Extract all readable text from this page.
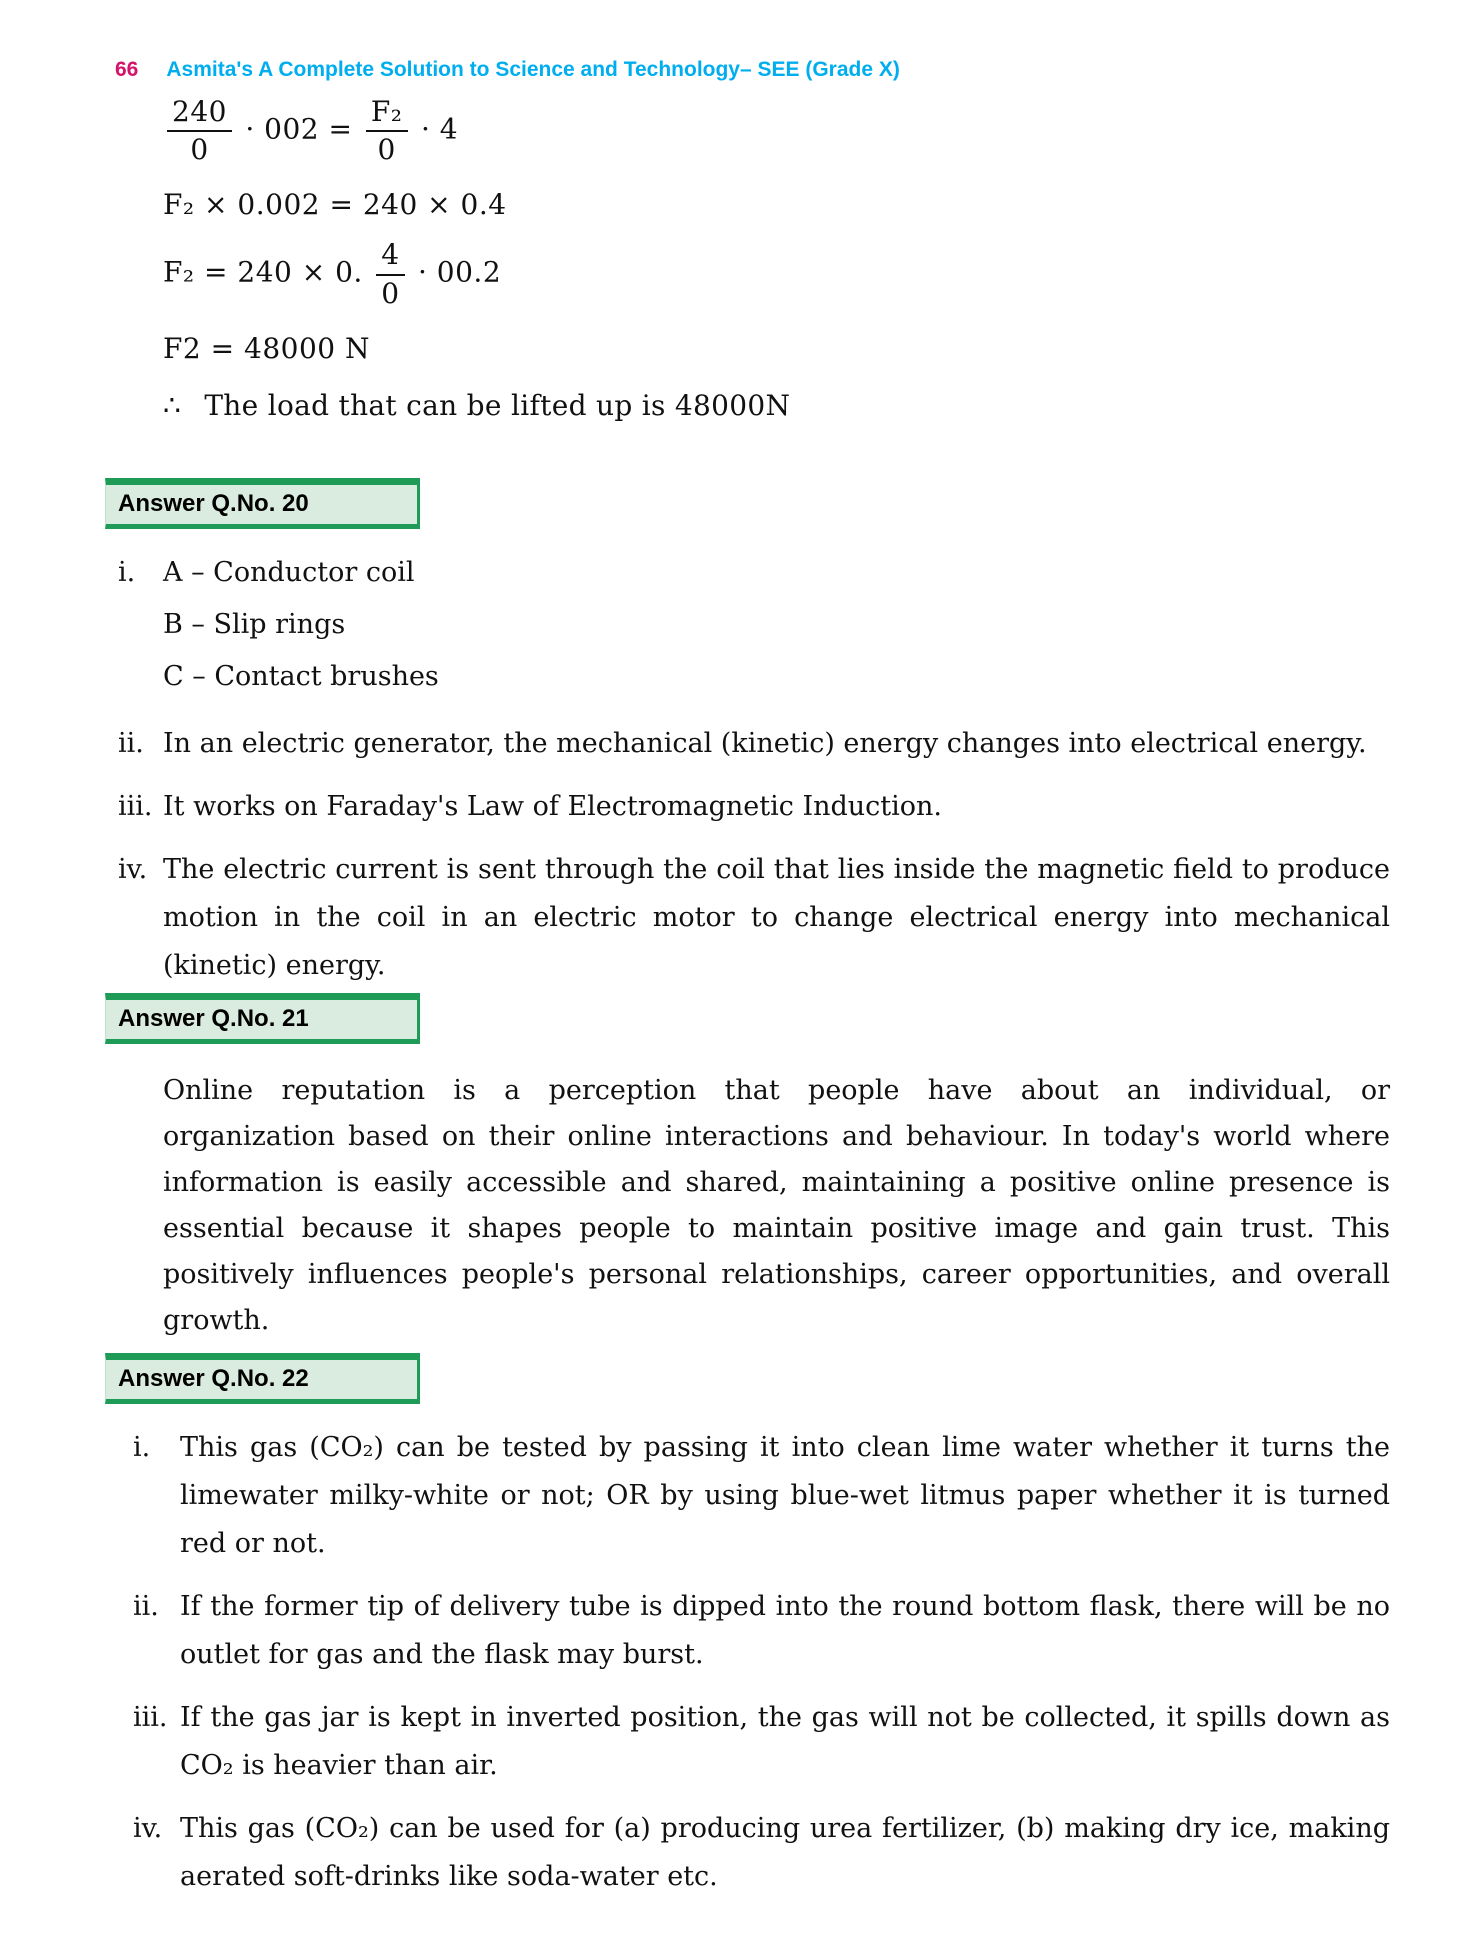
66 Asmita's A Complete Solution to Science and Technology– SEE (Grade X)
$\frac{240}{0} \cdot 002 = \frac{\text{F₂}}{0} \cdot 4$
F₂ × 0.002 = 240 × 0.4
F₂ = 240 × 0. $\frac{4}{0} \cdot 00.2$
F2 = 48000 N
∴ The load that can be lifted up is 48000N
Answer Q.No. 20
i.	A – Conductor coil
B – Slip rings
C – Contact brushes
ii. In an electric generator, the mechanical (kinetic) energy changes into electrical energy.
iii. It works on Faraday's Law of Electromagnetic Induction.
iv. The electric current is sent through the coil that lies inside the magnetic field to produce motion in the coil in an electric motor to change electrical energy into mechanical (kinetic) energy.
Answer Q.No. 21
Online reputation is a perception that people have about an individual, or organization based on their online interactions and behaviour. In today's world where information is easily accessible and shared, maintaining a positive online presence is essential because it shapes people to maintain positive image and gain trust. This positively influences people's personal relationships, career opportunities, and overall growth.
Answer Q.No. 22
i.	This gas (CO₂) can be tested by passing it into clean lime water whether it turns the limewater milky-white or not; OR by using blue-wet litmus paper whether it is turned red or not.
ii. If the former tip of delivery tube is dipped into the round bottom flask, there will be no outlet for gas and the flask may burst.
iii. If the gas jar is kept in inverted position, the gas will not be collected, it spills down as CO₂ is heavier than air.
iv. This gas (CO₂) can be used for (a) producing urea fertilizer, (b) making dry ice, making aerated soft-drinks like soda-water etc.
